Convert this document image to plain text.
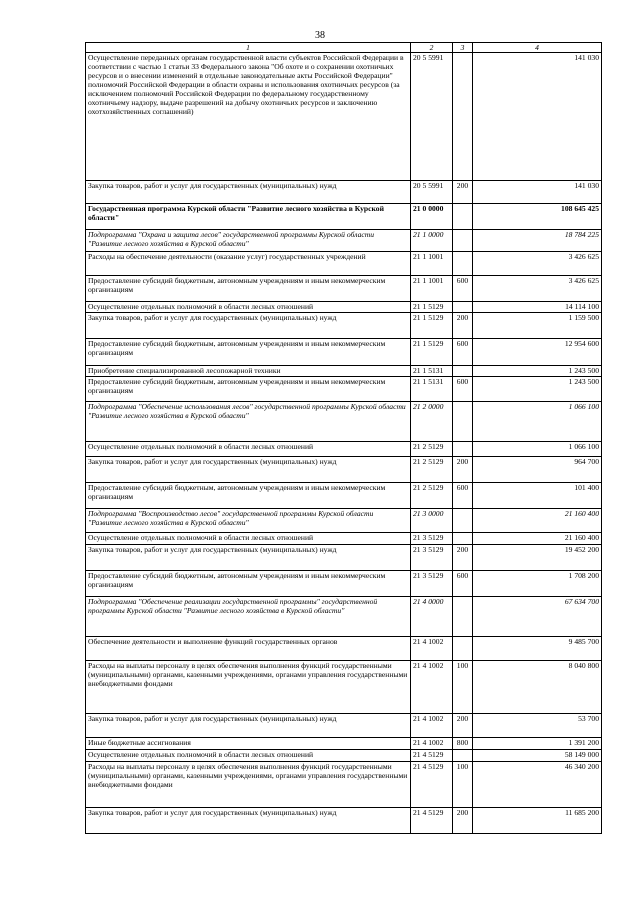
38
1	2	3	4
Осуществление переданных органам государственной власти субъектов Российской Федерации в соответствии с частью 1 статьи 33 Федерального закона "Об охоте и о сохранении охотничьих ресурсов и о внесении изменений в отдельные законодательные акты Российской Федерации" полномочий Российской Федерации в области охраны и использования охотничьих ресурсов (за исключением полномочий Российской Федерации по федеральному государственному охотничьему надзору, выдаче разрешений на добычу охотничьих ресурсов и заключению охотхозяйственных соглашений)	20 5 5991		141 030
Закупка товаров, работ и услуг для государственных (муниципальных) нужд	20 5 5991	200	141 030
Государственная программа Курской области "Развитие лесного хозяйства в Курской области"	21 0 0000		108 645 425
Подпрограмма "Охрана и защита лесов" государственной программы Курской области "Развитие лесного хозяйства в Курской области"	21 1 0000		18 784 225
Расходы на обеспечение деятельности (оказание услуг) государственных учреждений	21 1 1001		3 426 625
Предоставление субсидий бюджетным, автономным учреждениям и иным некоммерческим организациям	21 1 1001	600	3 426 625
Осуществление отдельных полномочий в области лесных отношений	21 1 5129		14 114 100
Закупка товаров, работ и услуг для государственных (муниципальных) нужд	21 1 5129	200	1 159 500
Предоставление субсидий бюджетным, автономным учреждениям и иным некоммерческим организациям	21 1 5129	600	12 954 600
Приобретение специализированной лесопожарной техники	21 1 5131		1 243 500
Предоставление субсидий бюджетным, автономным учреждениям и иным некоммерческим организациям	21 1 5131	600	1 243 500
Подпрограмма "Обеспечение использования лесов" государственной программы Курской области "Развитие лесного хозяйства в Курской области"	21 2 0000		1 066 100
Осуществление отдельных полномочий в области лесных отношений	21 2 5129		1 066 100
Закупка товаров, работ и услуг для государственных (муниципальных) нужд	21 2 5129	200	964 700
Предоставление субсидий бюджетным, автономным учреждениям и иным некоммерческим организациям	21 2 5129	600	101 400
Подпрограмма "Воспроизводство лесов" государственной программы Курской области "Развитие лесного хозяйства в Курской области"	21 3 0000		21 160 400
Осуществление отдельных полномочий в области лесных отношений	21 3 5129		21 160 400
Закупка товаров, работ и услуг для государственных (муниципальных) нужд	21 3 5129	200	19 452 200
Предоставление субсидий бюджетным, автономным учреждениям и иным некоммерческим организациям	21 3 5129	600	1 708 200
Подпрограмма "Обеспечение реализации государственной программы" государственной программы Курской области "Развитие лесного хозяйства в Курской области"	21 4 0000		67 634 700
Обеспечение деятельности и выполнение функций государственных органов	21 4 1002		9 485 700
Расходы на выплаты персоналу в целях обеспечения выполнения функций государственными (муниципальными) органами, казенными учреждениями, органами управления государственными внебюджетными фондами	21 4 1002	100	8 040 800
Закупка товаров, работ и услуг для государственных (муниципальных) нужд	21 4 1002	200	53 700
Иные бюджетные ассигнования	21 4 1002	800	1 391 200
Осуществление отдельных полномочий в области лесных отношений	21 4 5129		58 149 000
Расходы на выплаты персоналу в целях обеспечения выполнения функций государственными (муниципальными) органами, казенными учреждениями, органами управления государственными внебюджетными фондами	21 4 5129	100	46 340 200
Закупка товаров, работ и услуг для государственных (муниципальных) нужд	21 4 5129	200	11 685 200
